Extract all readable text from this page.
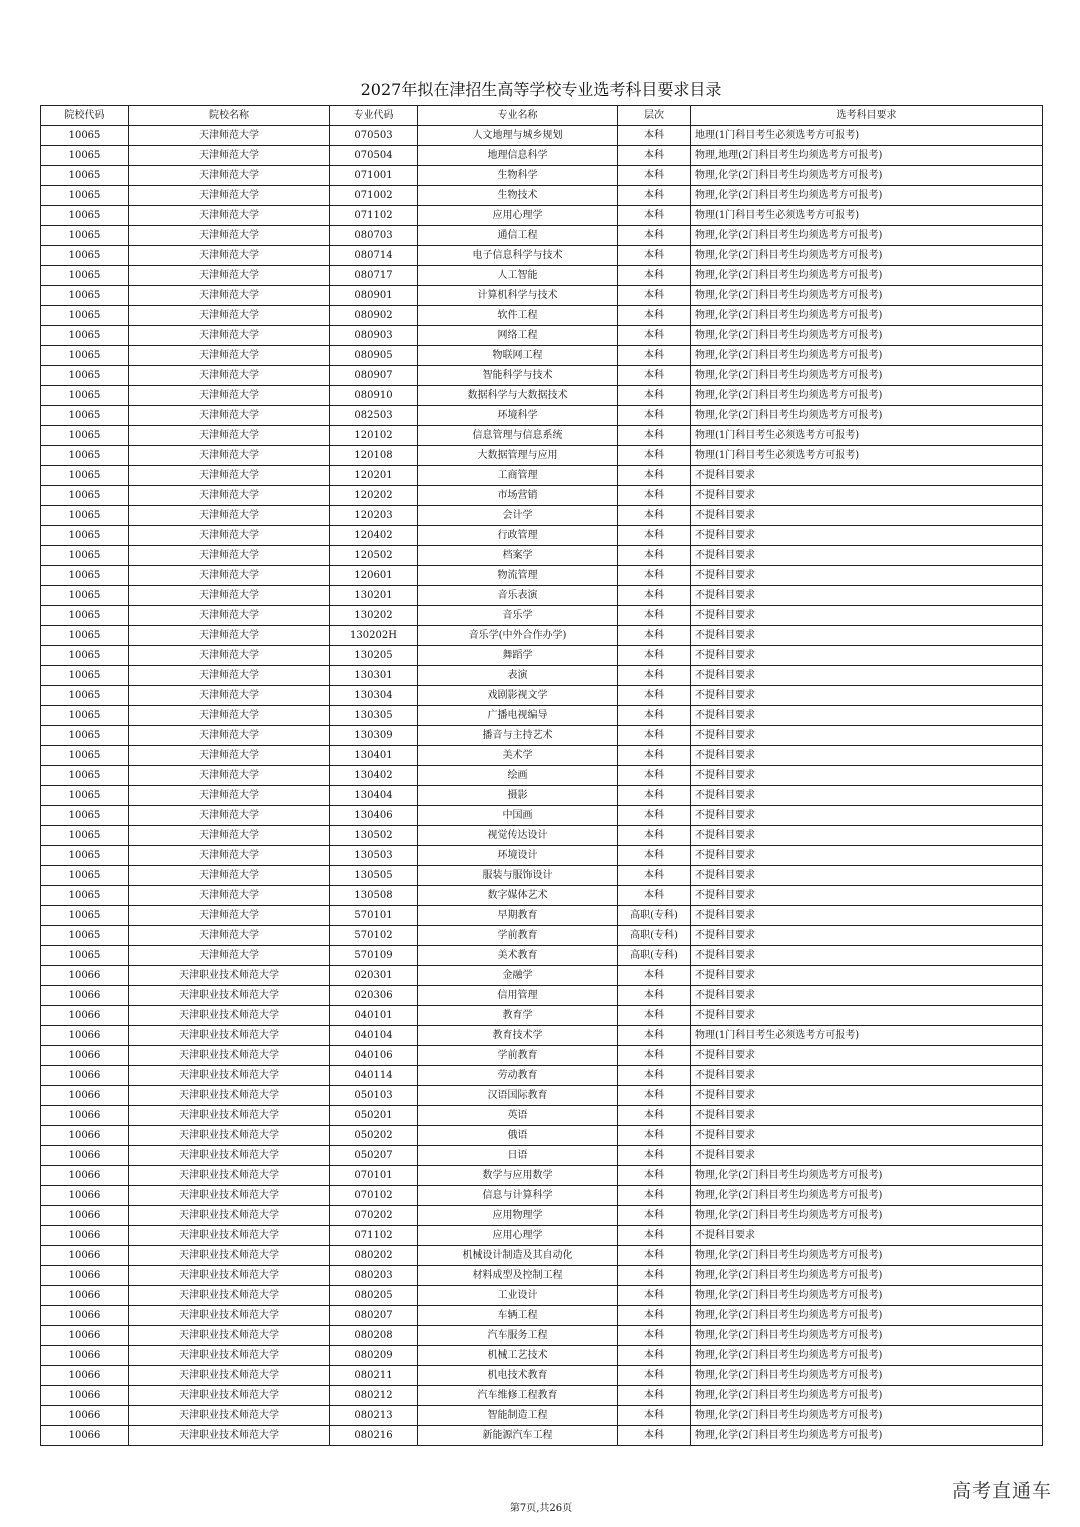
2027年拟在津招生高等学校专业选考科目要求目录
院校代码	院校名称	专业代码	专业名称	层次	选考科目要求
10065	天津师范大学	070503	人文地理与城乡规划	本科	地理(1门科目考生必须选考方可报考)
10065	天津师范大学	070504	地理信息科学	本科	物理,地理(2门科目考生均须选考方可报考)
10065	天津师范大学	071001	生物科学	本科	物理,化学(2门科目考生均须选考方可报考)
10065	天津师范大学	071002	生物技术	本科	物理,化学(2门科目考生均须选考方可报考)
10065	天津师范大学	071102	应用心理学	本科	物理(1门科目考生必须选考方可报考)
10065	天津师范大学	080703	通信工程	本科	物理,化学(2门科目考生均须选考方可报考)
10065	天津师范大学	080714	电子信息科学与技术	本科	物理,化学(2门科目考生均须选考方可报考)
10065	天津师范大学	080717	人工智能	本科	物理,化学(2门科目考生均须选考方可报考)
10065	天津师范大学	080901	计算机科学与技术	本科	物理,化学(2门科目考生均须选考方可报考)
10065	天津师范大学	080902	软件工程	本科	物理,化学(2门科目考生均须选考方可报考)
10065	天津师范大学	080903	网络工程	本科	物理,化学(2门科目考生均须选考方可报考)
10065	天津师范大学	080905	物联网工程	本科	物理,化学(2门科目考生均须选考方可报考)
10065	天津师范大学	080907	智能科学与技术	本科	物理,化学(2门科目考生均须选考方可报考)
10065	天津师范大学	080910	数据科学与大数据技术	本科	物理,化学(2门科目考生均须选考方可报考)
10065	天津师范大学	082503	环境科学	本科	物理,化学(2门科目考生均须选考方可报考)
10065	天津师范大学	120102	信息管理与信息系统	本科	物理(1门科目考生必须选考方可报考)
10065	天津师范大学	120108	大数据管理与应用	本科	物理(1门科目考生必须选考方可报考)
10065	天津师范大学	120201	工商管理	本科	不提科目要求
10065	天津师范大学	120202	市场营销	本科	不提科目要求
10065	天津师范大学	120203	会计学	本科	不提科目要求
10065	天津师范大学	120402	行政管理	本科	不提科目要求
10065	天津师范大学	120502	档案学	本科	不提科目要求
10065	天津师范大学	120601	物流管理	本科	不提科目要求
10065	天津师范大学	130201	音乐表演	本科	不提科目要求
10065	天津师范大学	130202	音乐学	本科	不提科目要求
10065	天津师范大学	130202H	音乐学(中外合作办学)	本科	不提科目要求
10065	天津师范大学	130205	舞蹈学	本科	不提科目要求
10065	天津师范大学	130301	表演	本科	不提科目要求
10065	天津师范大学	130304	戏剧影视文学	本科	不提科目要求
10065	天津师范大学	130305	广播电视编导	本科	不提科目要求
10065	天津师范大学	130309	播音与主持艺术	本科	不提科目要求
10065	天津师范大学	130401	美术学	本科	不提科目要求
10065	天津师范大学	130402	绘画	本科	不提科目要求
10065	天津师范大学	130404	摄影	本科	不提科目要求
10065	天津师范大学	130406	中国画	本科	不提科目要求
10065	天津师范大学	130502	视觉传达设计	本科	不提科目要求
10065	天津师范大学	130503	环境设计	本科	不提科目要求
10065	天津师范大学	130505	服装与服饰设计	本科	不提科目要求
10065	天津师范大学	130508	数字媒体艺术	本科	不提科目要求
10065	天津师范大学	570101	早期教育	高职(专科)	不提科目要求
10065	天津师范大学	570102	学前教育	高职(专科)	不提科目要求
10065	天津师范大学	570109	美术教育	高职(专科)	不提科目要求
10066	天津职业技术师范大学	020301	金融学	本科	不提科目要求
10066	天津职业技术师范大学	020306	信用管理	本科	不提科目要求
10066	天津职业技术师范大学	040101	教育学	本科	不提科目要求
10066	天津职业技术师范大学	040104	教育技术学	本科	物理(1门科目考生必须选考方可报考)
10066	天津职业技术师范大学	040106	学前教育	本科	不提科目要求
10066	天津职业技术师范大学	040114	劳动教育	本科	不提科目要求
10066	天津职业技术师范大学	050103	汉语国际教育	本科	不提科目要求
10066	天津职业技术师范大学	050201	英语	本科	不提科目要求
10066	天津职业技术师范大学	050202	俄语	本科	不提科目要求
10066	天津职业技术师范大学	050207	日语	本科	不提科目要求
10066	天津职业技术师范大学	070101	数学与应用数学	本科	物理,化学(2门科目考生均须选考方可报考)
10066	天津职业技术师范大学	070102	信息与计算科学	本科	物理,化学(2门科目考生均须选考方可报考)
10066	天津职业技术师范大学	070202	应用物理学	本科	物理,化学(2门科目考生均须选考方可报考)
10066	天津职业技术师范大学	071102	应用心理学	本科	不提科目要求
10066	天津职业技术师范大学	080202	机械设计制造及其自动化	本科	物理,化学(2门科目考生均须选考方可报考)
10066	天津职业技术师范大学	080203	材料成型及控制工程	本科	物理,化学(2门科目考生均须选考方可报考)
10066	天津职业技术师范大学	080205	工业设计	本科	物理,化学(2门科目考生均须选考方可报考)
10066	天津职业技术师范大学	080207	车辆工程	本科	物理,化学(2门科目考生均须选考方可报考)
10066	天津职业技术师范大学	080208	汽车服务工程	本科	物理,化学(2门科目考生均须选考方可报考)
10066	天津职业技术师范大学	080209	机械工艺技术	本科	物理,化学(2门科目考生均须选考方可报考)
10066	天津职业技术师范大学	080211	机电技术教育	本科	物理,化学(2门科目考生均须选考方可报考)
10066	天津职业技术师范大学	080212	汽车维修工程教育	本科	物理,化学(2门科目考生均须选考方可报考)
10066	天津职业技术师范大学	080213	智能制造工程	本科	物理,化学(2门科目考生均须选考方可报考)
10066	天津职业技术师范大学	080216	新能源汽车工程	本科	物理,化学(2门科目考生均须选考方可报考)
第7页,共26页
高考直通车
